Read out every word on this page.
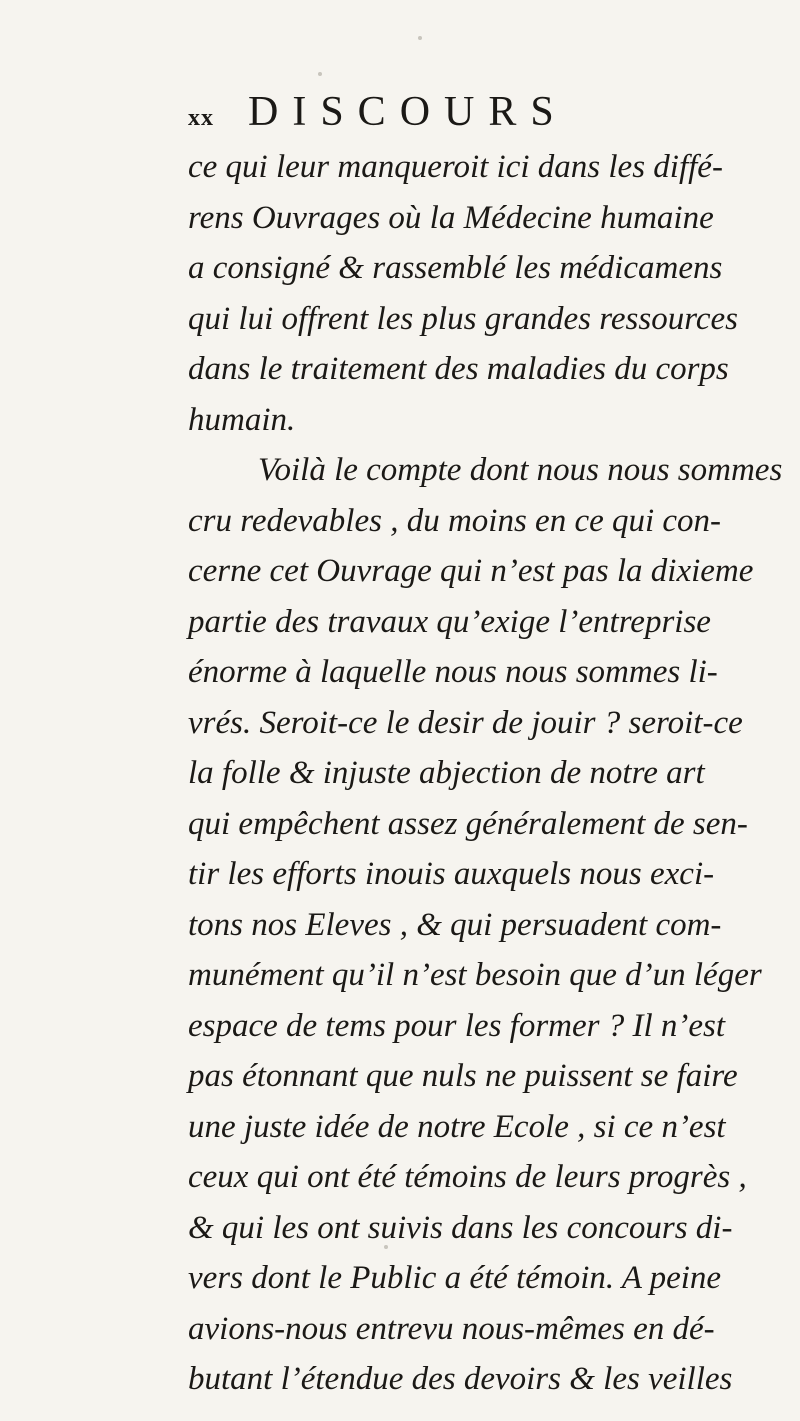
xx DISCOURS
ce qui leur manqueroit ici dans les diffé-
rens Ouvrages où la Médecine humaine
a consigné & rassemblé les médicamens
qui lui offrent les plus grandes ressources
dans le traitement des maladies du corps
humain.
Voilà le compte dont nous nous sommes
cru redevables , du moins en ce qui con-
cerne cet Ouvrage qui n’est pas la dixieme
partie des travaux qu’exige l’entreprise
énorme à laquelle nous nous sommes li-
vrés. Seroit-ce le desir de jouir ? seroit-ce
la folle & injuste abjection de notre art
qui empêchent assez généralement de sen-
tir les efforts inouis auxquels nous exci-
tons nos Eleves , & qui persuadent com-
munément qu’il n’est besoin que d’un léger
espace de tems pour les former ? Il n’est
pas étonnant que nuls ne puissent se faire
une juste idée de notre Ecole , si ce n’est
ceux qui ont été témoins de leurs progrès ,
& qui les ont suivis dans les concours di-
vers dont le Public a été témoin. A peine
avions-nous entrevu nous-mêmes en dé-
butant l’étendue des devoirs & les veilles
